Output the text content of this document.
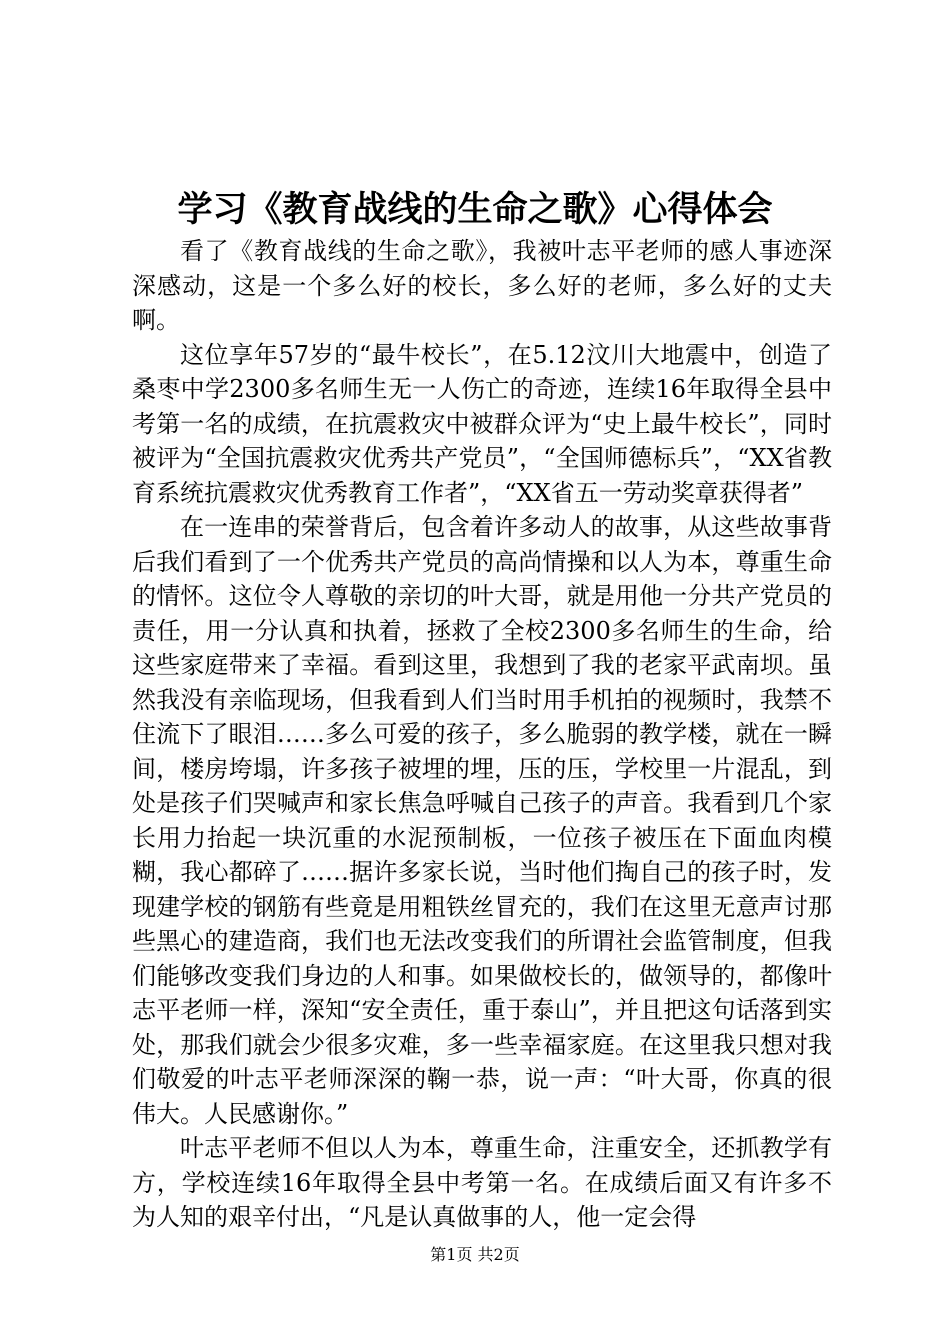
学习《教育战线的生命之歌》心得体会

看了《教育战线的生命之歌》，我被叶志平老师的感人事迹深深感动，这是一个多么好的校长，多么好的老师，多么好的丈夫啊。

这位享年57岁的“最牛校长”，在5.12汶川大地震中，创造了桑枣中学2300多名师生无一人伤亡的奇迹，连续16年取得全县中考第一名的成绩，在抗震救灾中被群众评为“史上最牛校长”，同时被评为“全国抗震救灾优秀共产党员”，“全国师德标兵”，“XX省教育系统抗震救灾优秀教育工作者”，“XX省五一劳动奖章获得者”

在一连串的荣誉背后，包含着许多动人的故事，从这些故事背后我们看到了一个优秀共产党员的高尚情操和以人为本，尊重生命的情怀。这位令人尊敬的亲切的叶大哥，就是用他一分共产党员的责任，用一分认真和执着，拯救了全校2300多名师生的生命，给这些家庭带来了幸福。看到这里，我想到了我的老家平武南坝。虽然我没有亲临现场，但我看到人们当时用手机拍的视频时，我禁不住流下了眼泪……多么可爱的孩子，多么脆弱的教学楼，就在一瞬间，楼房垮塌，许多孩子被埋的埋，压的压，学校里一片混乱，到处是孩子们哭喊声和家长焦急呼喊自己孩子的声音。我看到几个家长用力抬起一块沉重的水泥预制板，一位孩子被压在下面血肉模糊，我心都碎了……据许多家长说，当时他们掏自己的孩子时，发现建学校的钢筋有些竟是用粗铁丝冒充的，我们在这里无意声讨那些黑心的建造商，我们也无法改变我们的所谓社会监管制度，但我们能够改变我们身边的人和事。如果做校长的，做领导的，都像叶志平老师一样，深知“安全责任，重于泰山”，并且把这句话落到实处，那我们就会少很多灾难，多一些幸福家庭。在这里我只想对我们敬爱的叶志平老师深深的鞠一恭，说一声：“叶大哥，你真的很伟大。人民感谢你。”

叶志平老师不但以人为本，尊重生命，注重安全，还抓教学有方，学校连续16年取得全县中考第一名。在成绩后面又有许多不为人知的艰辛付出，“凡是认真做事的人，他一定会得

第1页 共2页
